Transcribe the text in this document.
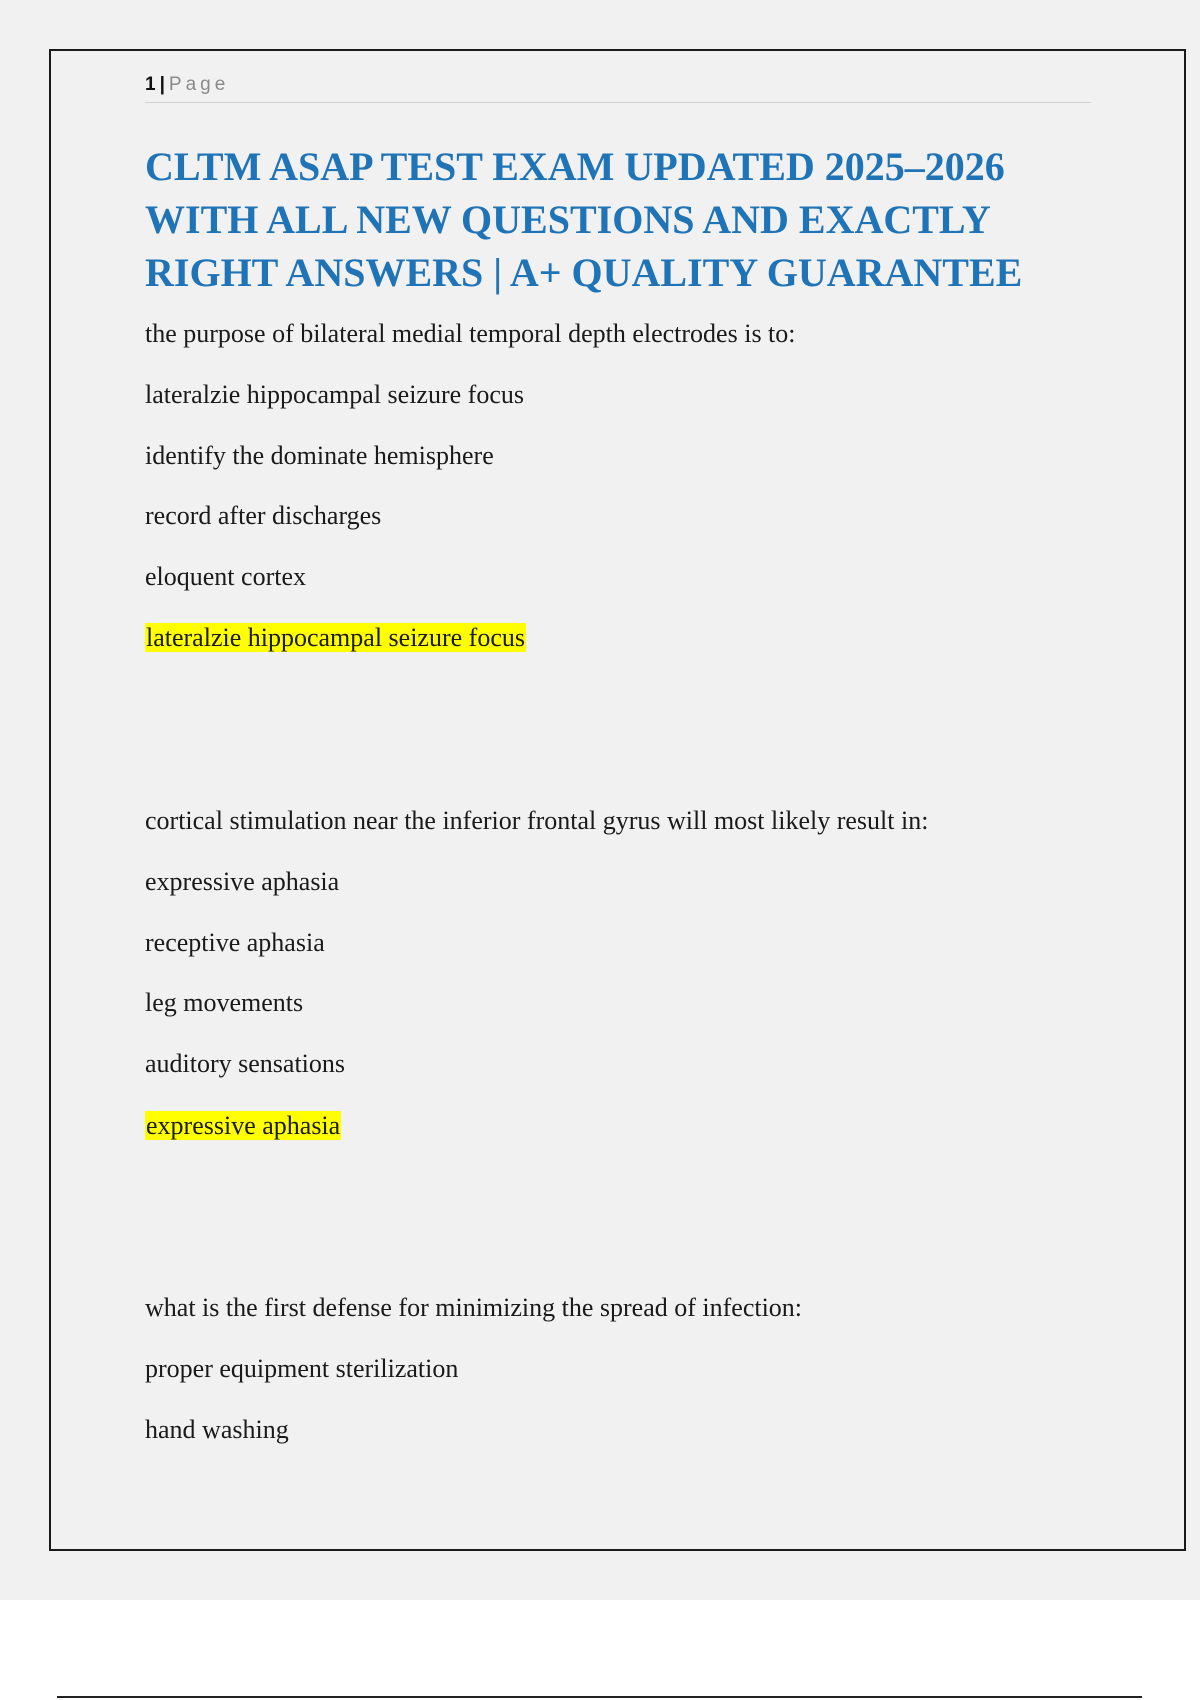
1 | Page
CLTM ASAP TEST EXAM UPDATED 2025–2026 WITH ALL NEW QUESTIONS AND EXACTLY RIGHT ANSWERS | A+ QUALITY GUARANTEE
the purpose of bilateral medial temporal depth electrodes is to:
lateralzie hippocampal seizure focus
identify the dominate hemisphere
record after discharges
eloquent cortex
lateralzie hippocampal seizure focus
cortical stimulation near the inferior frontal gyrus will most likely result in:
expressive aphasia
receptive aphasia
leg movements
auditory sensations
expressive aphasia
what is the first defense for minimizing the spread of infection:
proper equipment sterilization
hand washing
